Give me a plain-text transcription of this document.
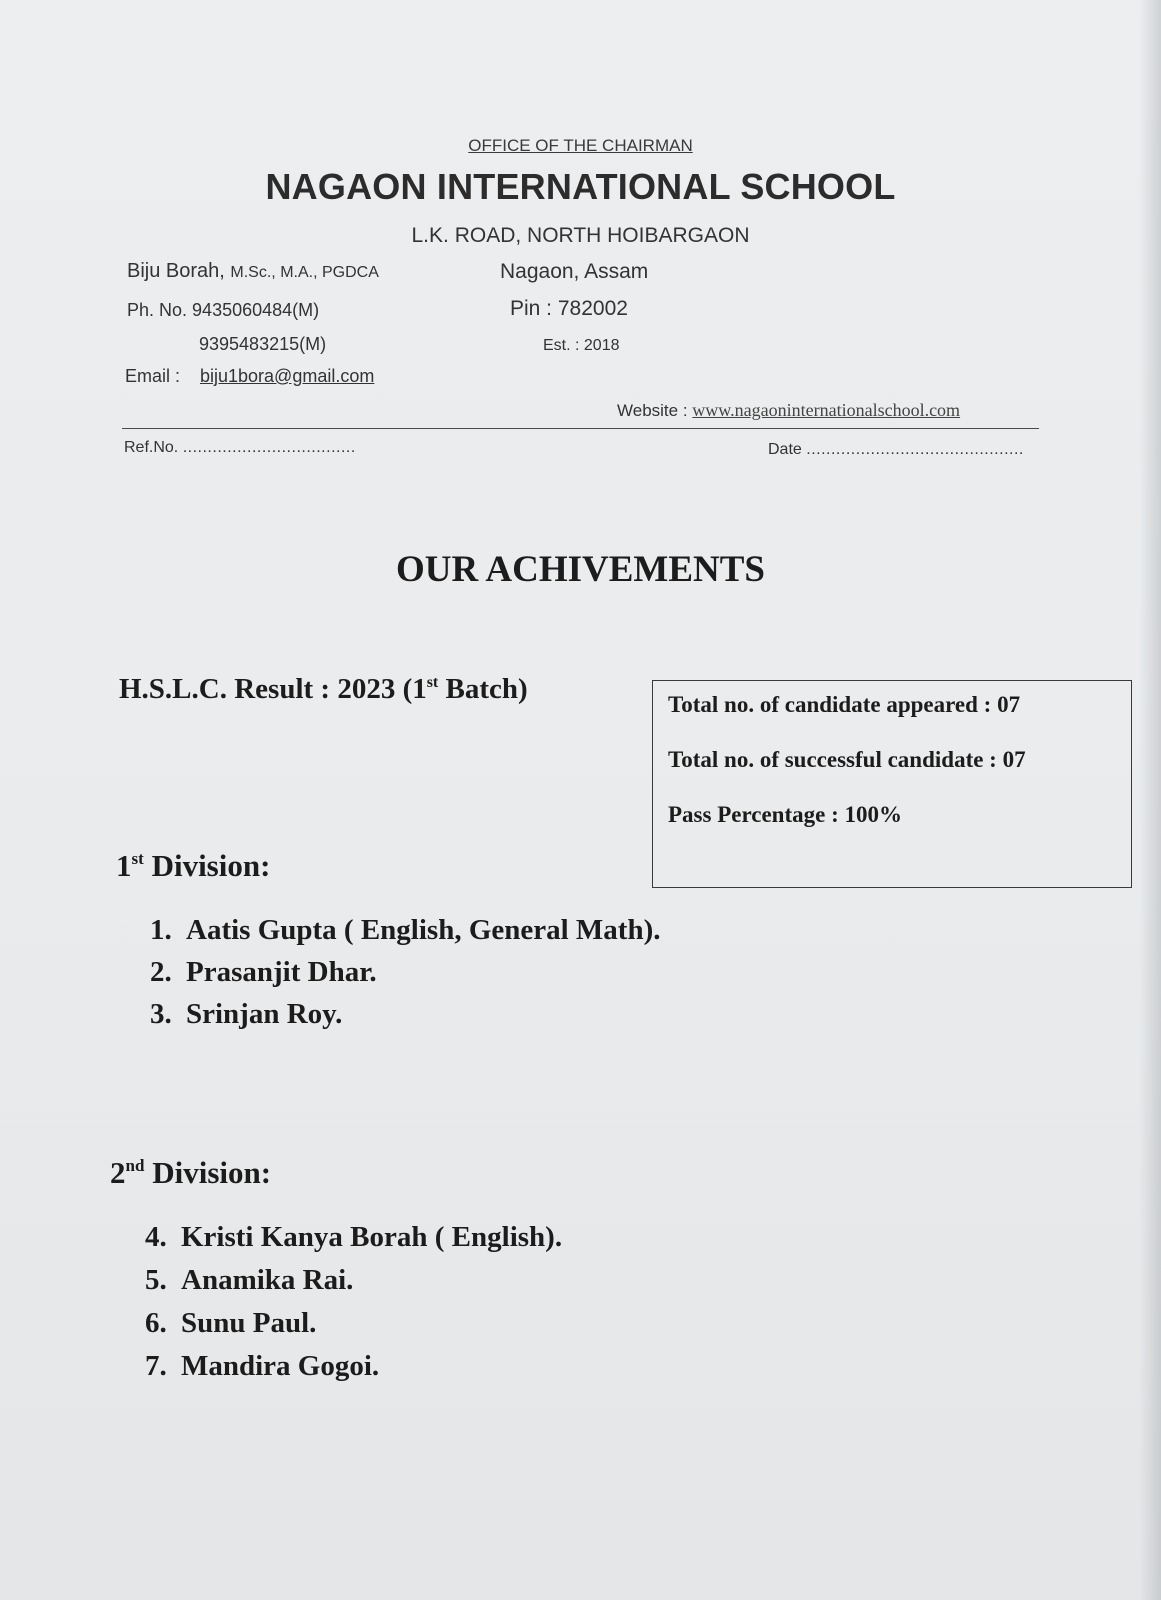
OFFICE OF THE CHAIRMAN
NAGAON INTERNATIONAL SCHOOL
L.K. ROAD, NORTH HOIBARGAON
Biju Borah, M.Sc., M.A., PGDCA	Nagaon, Assam
Ph. No. 9435060484(M)	Pin : 782002
9395483215(M)	Est. : 2018
Email : biju1bora@gmail.com
Website : www.nagaoninternationalschool.com
Ref.No. ...................................	Date ............................................
OUR ACHIVEMENTS
H.S.L.C. Result : 2023 (1st Batch)	Total no. of candidate appeared : 07
Total no. of successful candidate : 07
Pass Percentage : 100%
1st Division:
1. Aatis Gupta ( English, General Math).
2. Prasanjit Dhar.
3. Srinjan Roy.
2nd Division:
4. Kristi Kanya Borah ( English).
5. Anamika Rai.
6. Sunu Paul.
7. Mandira Gogoi.
